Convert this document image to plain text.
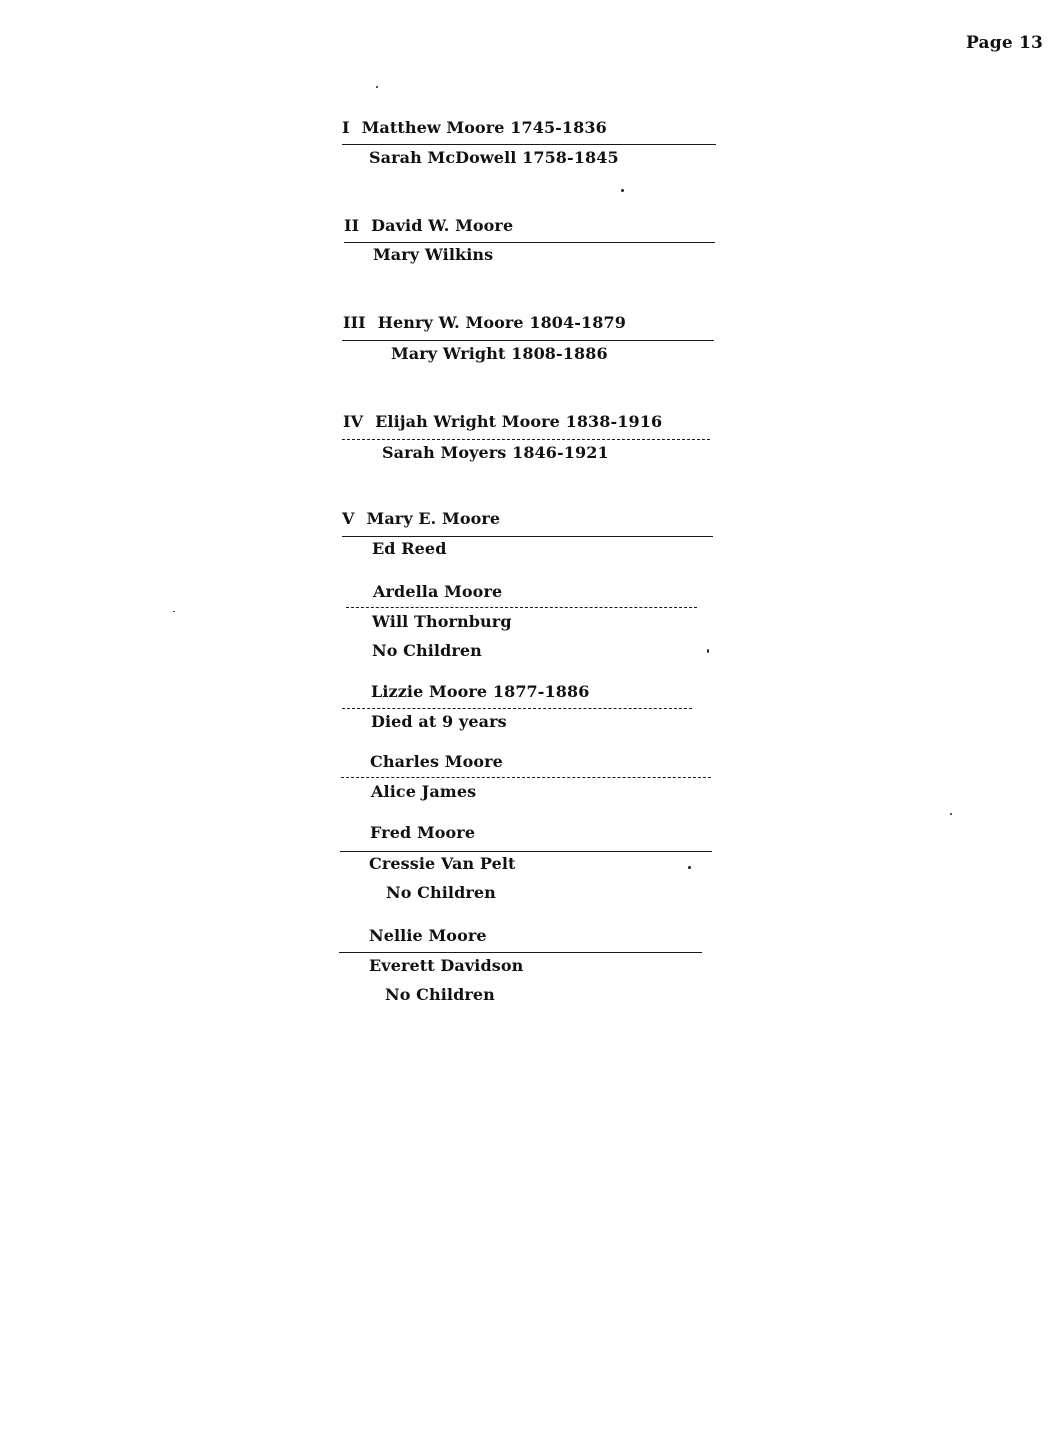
Page 13
I Matthew Moore 1745-1836
Sarah McDowell 1758-1845
II David W. Moore
Mary Wilkins
III Henry W. Moore 1804-1879
Mary Wright 1808-1886
IV Elijah Wright Moore 1838-1916
Sarah Moyers 1846-1921
V Mary E. Moore
Ed Reed
Ardella Moore
Will Thornburg
No Children
Lizzie Moore 1877-1886
Died at 9 years
Charles Moore
Alice James
Fred Moore
Cressie Van Pelt
No Children
Nellie Moore
Everett Davidson
No Children
